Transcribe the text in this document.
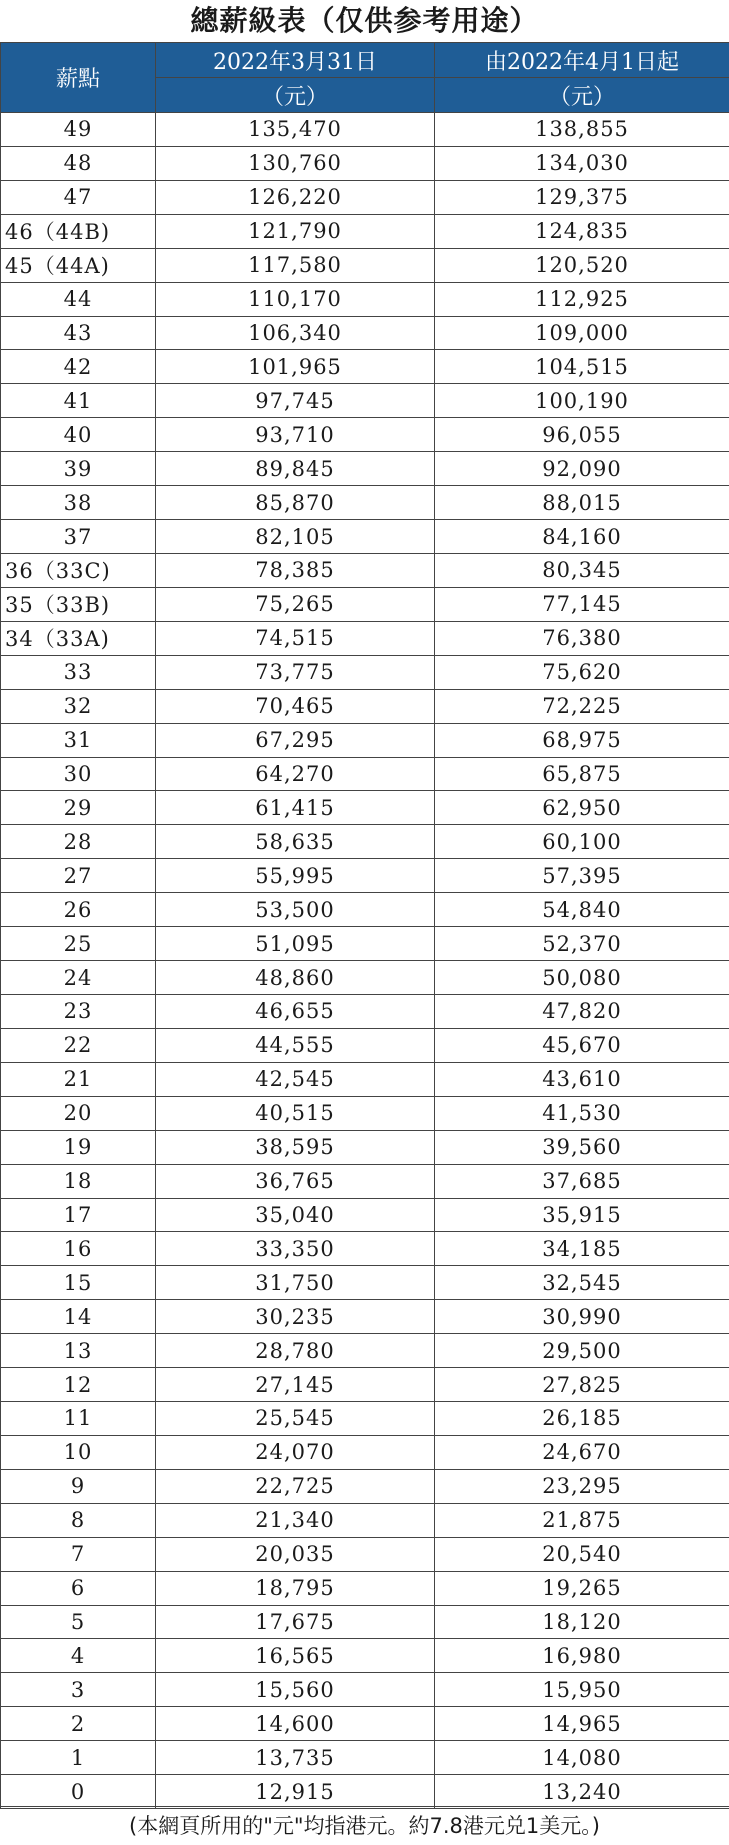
總薪級表（仅供参考用途）
薪點	2022年3月31日	由2022年4月1日起
	（元）	（元）
49	135,470	138,855
48	130,760	134,030
47	126,220	129,375
46（44B)	121,790	124,835
45（44A)	117,580	120,520
44	110,170	112,925
43	106,340	109,000
42	101,965	104,515
41	97,745	100,190
40	93,710	96,055
39	89,845	92,090
38	85,870	88,015
37	82,105	84,160
36（33C)	78,385	80,345
35（33B)	75,265	77,145
34（33A)	74,515	76,380
33	73,775	75,620
32	70,465	72,225
31	67,295	68,975
30	64,270	65,875
29	61,415	62,950
28	58,635	60,100
27	55,995	57,395
26	53,500	54,840
25	51,095	52,370
24	48,860	50,080
23	46,655	47,820
22	44,555	45,670
21	42,545	43,610
20	40,515	41,530
19	38,595	39,560
18	36,765	37,685
17	35,040	35,915
16	33,350	34,185
15	31,750	32,545
14	30,235	30,990
13	28,780	29,500
12	27,145	27,825
11	25,545	26,185
10	24,070	24,670
9	22,725	23,295
8	21,340	21,875
7	20,035	20,540
6	18,795	19,265
5	17,675	18,120
4	16,565	16,980
3	15,560	15,950
2	14,600	14,965
1	13,735	14,080
0	12,915	13,240
(本網頁所用的"元"均指港元。約7.8港元兑1美元。)
